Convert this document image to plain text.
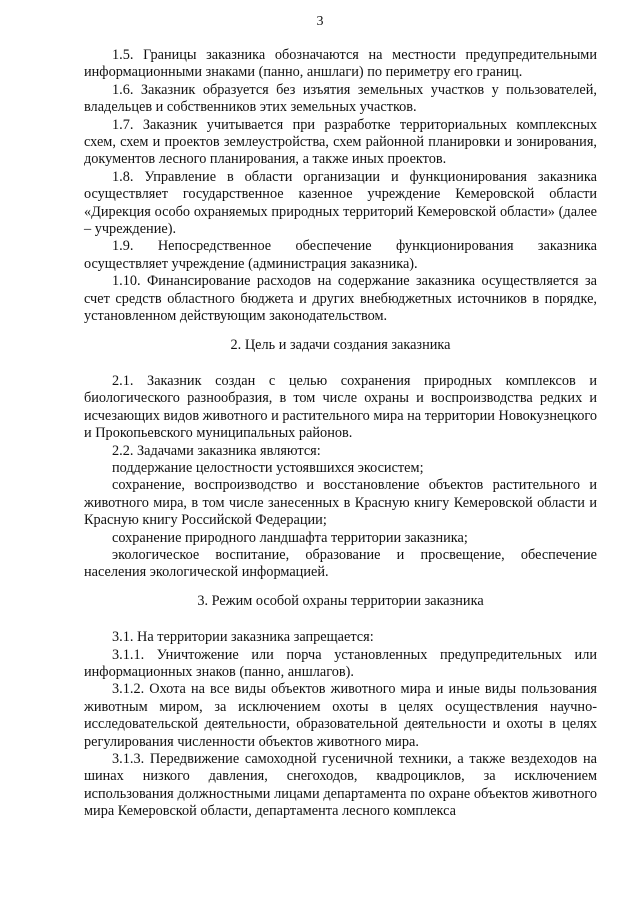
3

1.5. Границы заказника обозначаются на местности предупредительными информационными знаками (панно, аншлаги) по периметру его границ.

1.6. Заказник образуется без изъятия земельных участков у пользователей, владельцев и собственников этих земельных участков.

1.7. Заказник учитывается при разработке территориальных комплексных схем, схем и проектов землеустройства, схем районной планировки и зонирования, документов лесного планирования, а также иных проектов.

1.8. Управление в области организации и функционирования заказника осуществляет государственное казенное учреждение Кемеровской области «Дирекция особо охраняемых природных территорий Кемеровской области» (далее – учреждение).

1.9. Непосредственное обеспечение функционирования заказника осуществляет учреждение (администрация заказника).

1.10. Финансирование расходов на содержание заказника осуществляется за счет средств областного бюджета и других внебюджетных источников в порядке, установленном действующим законодательством.

2. Цель и задачи создания заказника

2.1. Заказник создан с целью сохранения природных комплексов и биологического разнообразия, в том числе охраны и воспроизводства редких и исчезающих видов животного и растительного мира на территории Новокузнецкого и Прокопьевского муниципальных районов.

2.2. Задачами заказника являются:

поддержание целостности устоявшихся экосистем;

сохранение, воспроизводство и восстановление объектов растительного и животного мира, в том числе занесенных в Красную книгу Кемеровской области и Красную книгу Российской Федерации;

сохранение природного ландшафта территории заказника;

экологическое воспитание, образование и просвещение, обеспечение населения экологической информацией.

3. Режим особой охраны территории заказника

3.1. На территории заказника запрещается:

3.1.1. Уничтожение или порча установленных предупредительных или информационных знаков (панно, аншлагов).

3.1.2. Охота на все виды объектов животного мира и иные виды пользования животным миром, за исключением охоты в целях осуществления научно-исследовательской деятельности, образовательной деятельности и охоты в целях регулирования численности объектов животного мира.

3.1.3. Передвижение самоходной гусеничной техники, а также вездеходов на шинах низкого давления, снегоходов, квадроциклов, за исключением использования должностными лицами департамента по охране объектов животного мира Кемеровской области, департамента лесного комплекса
